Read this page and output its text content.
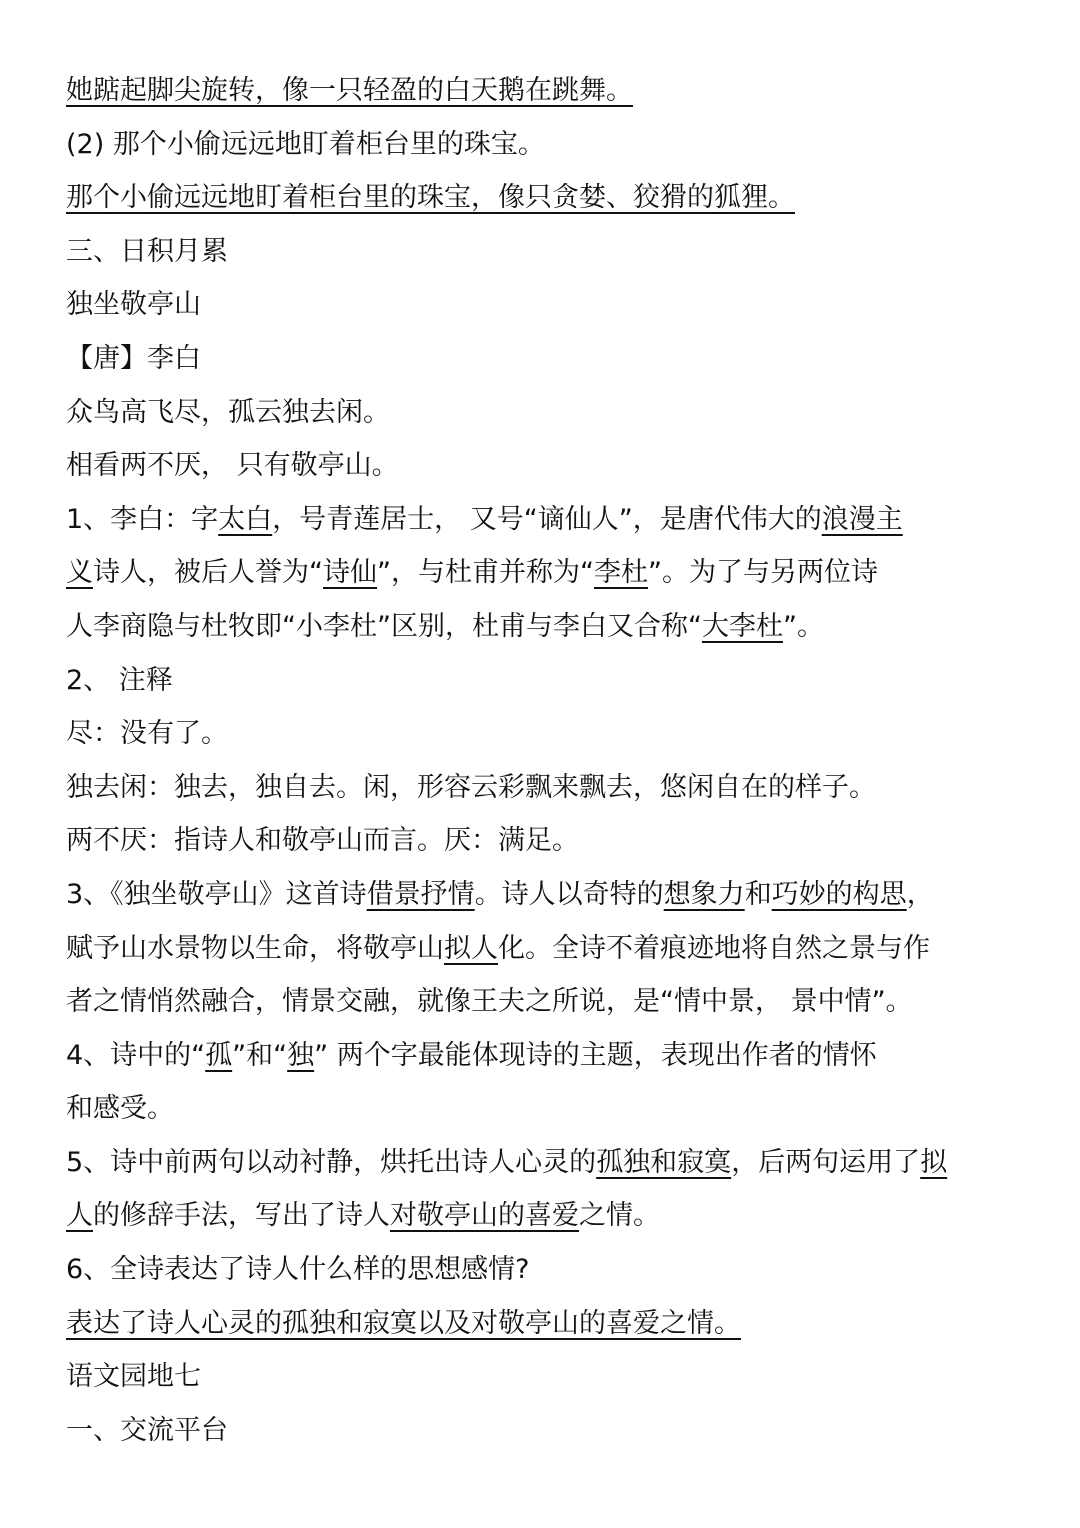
她踮起脚尖旋转，像一只轻盈的白天鹅在跳舞。
(2) 那个小偷远远地盯着柜台里的珠宝。
那个小偷远远地盯着柜台里的珠宝，像只贪婪、狡猾的狐狸。
三、日积月累
独坐敬亭山
【唐】李白
众鸟高飞尽，孤云独去闲。
相看两不厌， 只有敬亭山。
1、李白：字太白，号青莲居士， 又号“谪仙人”，是唐代伟大的浪漫主
义诗人，被后人誉为“诗仙”，与杜甫并称为“李杜”。为了与另两位诗
人李商隐与杜牧即“小李杜”区别，杜甫与李白又合称“大李杜”。
2、 注释
尽：没有了。
独去闲：独去，独自去。闲，形容云彩飘来飘去，悠闲自在的样子。
两不厌：指诗人和敬亭山而言。厌：满足。
3、《独坐敬亭山》这首诗借景抒情。诗人以奇特的想象力和巧妙的构思，
赋予山水景物以生命，将敬亭山拟人化。全诗不着痕迹地将自然之景与作
者之情悄然融合，情景交融，就像王夫之所说，是“情中景， 景中情”。
4、诗中的“孤”和“独” 两个字最能体现诗的主题，表现出作者的情怀
和感受。
5、诗中前两句以动衬静，烘托出诗人心灵的孤独和寂寞，后两句运用了拟
人的修辞手法，写出了诗人对敬亭山的喜爱之情。
6、全诗表达了诗人什么样的思想感情?
表达了诗人心灵的孤独和寂寞以及对敬亭山的喜爱之情。
语文园地七
一、交流平台
